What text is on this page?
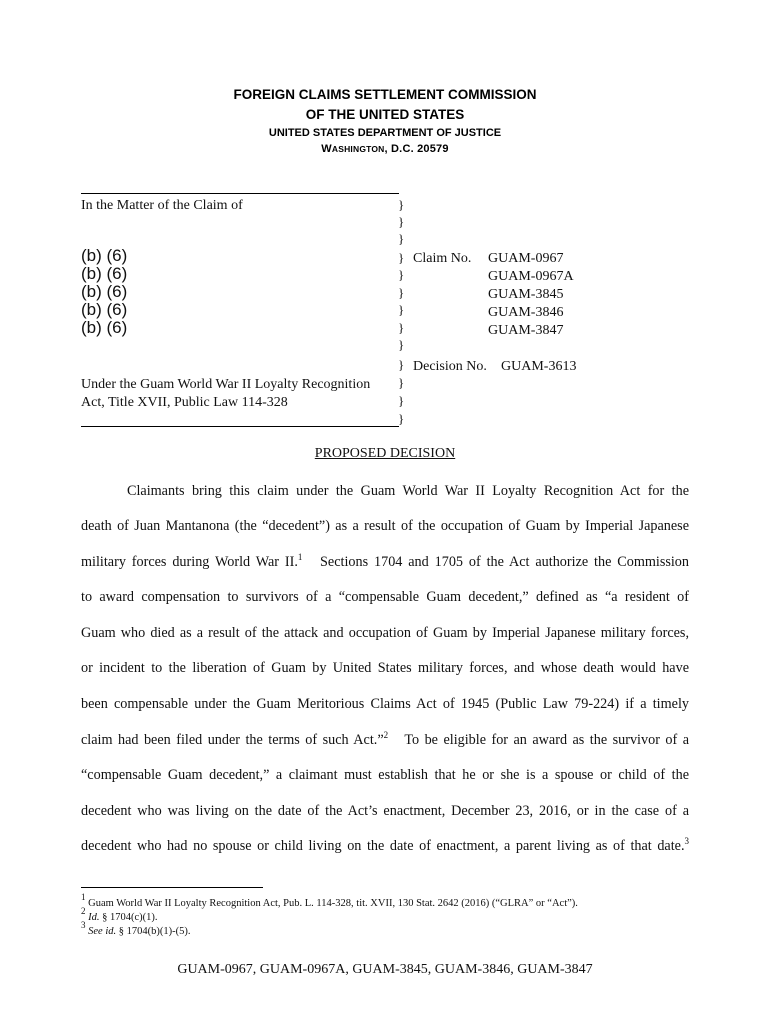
FOREIGN CLAIMS SETTLEMENT COMMISSION
OF THE UNITED STATES
UNITED STATES DEPARTMENT OF JUSTICE
WASHINGTON, D.C. 20579
In the Matter of the Claim of	}
}
}
}
}
}
}
}
}
}
}
}
}
(b) (6)
(b) (6)
(b) (6)
(b) (6)
(b) (6)
Claim No. GUAM-0967
GUAM-0967A
GUAM-3845
GUAM-3846
GUAM-3847
Decision No. GUAM-3613
Under the Guam World War II Loyalty Recognition
Act, Title XVII, Public Law 114-328
PROPOSED DECISION
Claimants bring this claim under the Guam World War II Loyalty Recognition Act for the
death of Juan Mantanona (the “decedent”) as a result of the occupation of Guam by Imperial Japanese
military forces during World War II.$^1$ Sections 1704 and 1705 of the Act authorize the Commission
to award compensation to survivors of a “compensable Guam decedent,” defined as “a resident of
Guam who died as a result of the attack and occupation of Guam by Imperial Japanese military forces,
or incident to the liberation of Guam by United States military forces, and whose death would have
been compensable under the Guam Meritorious Claims Act of 1945 (Public Law 79-224) if a timely
claim had been filed under the terms of such Act.”$^2$ To be eligible for an award as the survivor of a
“compensable Guam decedent,” a claimant must establish that he or she is a spouse or child of the
decedent who was living on the date of the Act’s enactment, December 23, 2016, or in the case of a
decedent who had no spouse or child living on the date of enactment, a parent living as of that date.$^3$
$^1$ Guam World War II Loyalty Recognition Act, Pub. L. 114-328, tit. XVII, 130 Stat. 2642 (2016) (“GLRA” or “Act”).
$^2$ Id. § 1704(c)(1).
$^3$ See id. § 1704(b)(1)-(5).
GUAM-0967, GUAM-0967A, GUAM-3845, GUAM-3846, GUAM-3847
